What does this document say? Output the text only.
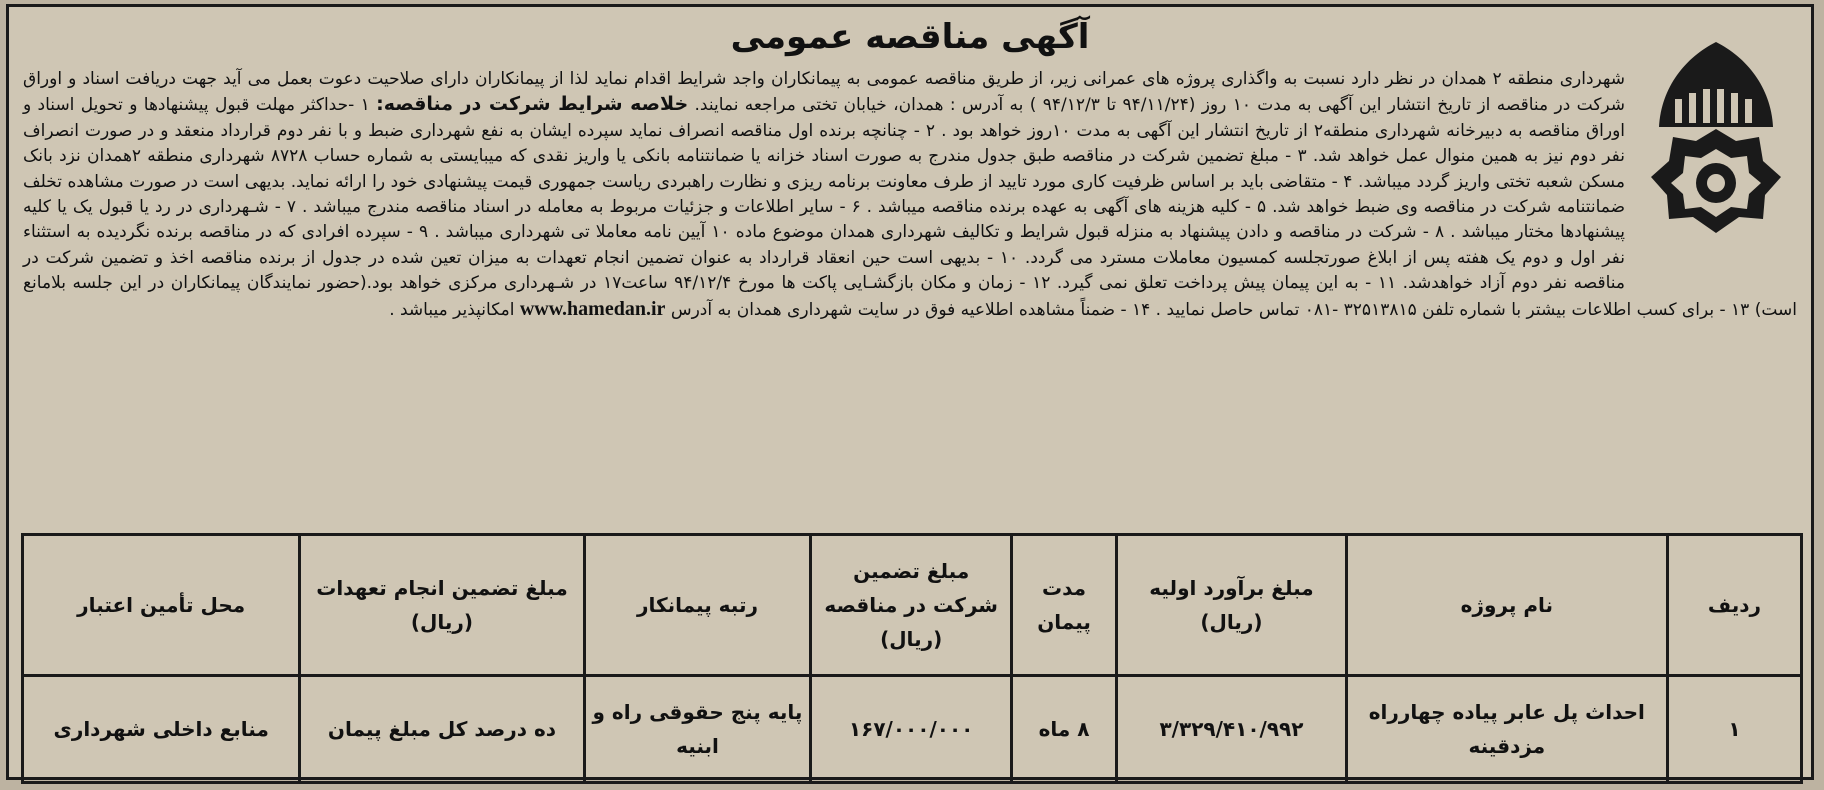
آگهی مناقصه عمومی
شهرداری منطقه ۲ همدان در نظر دارد نسبت به واگذاری پروژه های عمرانی زیر، از طریق مناقصه عمومی به پیمانکاران واجد شرایط اقدام نماید لذا از پیمانکاران دارای صلاحیت دعوت بعمل می آید جهت دریافت اسناد و اوراق شرکت در مناقصه از تاریخ انتشار این آگهی به مدت ۱۰ روز (۹۴/۱۱/۲۴ تا ۹۴/۱۲/۳ ) به آدرس : همدان، خیابان تختی مراجعه نمایند. خلاصه شرایط شرکت در مناقصه: ۱ -حداکثر مهلت قبول پیشنهادها و تحویل اسناد و اوراق مناقصه به دبیرخانه شهرداری منطقه۲ از تاریخ انتشار این آگهی به مدت ۱۰روز خواهد بود . ۲ - چنانچه برنده اول مناقصه انصراف نماید سپرده ایشان به نفع شهرداری ضبط و با نفر دوم قرارداد منعقد و در صورت انصراف نفر دوم نیز به همین منوال عمل خواهد شد. ۳ - مبلغ تضمین شرکت در مناقصه طبق جدول مندرج به صورت اسناد خزانه یا ضمانتنامه بانکی یا واریز نقدی که میبایستی به شماره حساب ۸۷۲۸ شهرداری منطقه ۲همدان نزد بانک مسکن شعبه تختی واریز گردد میباشد. ۴ - متقاضی باید بر اساس ظرفیت کاری مورد تایید از طرف معاونت برنامه ریزی و نظارت راهبردی ریاست جمهوری قیمت پیشنهادی خود را ارائه نماید. بدیهی است در صورت مشاهده تخلف ضمانتنامه شرکت در مناقصه وی ضبط خواهد شد. ۵ - کلیه هزینه های آگهی به عهده برنده مناقصه میباشد . ۶ - سایر اطلاعات و جزئیات مربوط به معامله در اسناد مناقصه مندرج میباشد . ۷ - شـهرداری در رد یا قبول یک یا کلیه پیشنهادها مختار میباشد . ۸ - شرکت در مناقصه و دادن پیشنهاد به منزله قبول شرایط و تکالیف شهرداری همدان موضوع ماده ۱۰ آیین نامه معاملا تی شهرداری میباشد . ۹ - سپرده افرادی که در مناقصه برنده نگردیده به استثناء نفر اول و دوم یک هفته پس از ابلاغ صورتجلسه کمسیون معاملات مسترد می گردد. ۱۰ - بدیهی است حین انعقاد قرارداد به عنوان تضمین انجام تعهدات به میزان تعین شده در جدول از برنده مناقصه اخذ و تضمین شرکت در مناقصه نفر دوم آزاد خواهدشد. ۱۱ - به این پیمان پیش پرداخت تعلق نمی گیرد. ۱۲ - زمان و مکان بازگشـایی پاکت ها مورخ ۹۴/۱۲/۴ ساعت۱۷ در شـهرداری مرکزی خواهد بود.(حضور نمایندگان پیمانکاران در این جلسه بلامانع است) ۱۳ - برای کسب اطلاعات بیشتر با شماره تلفن ۳۲۵۱۳۸۱۵ -۰۸۱ تماس حاصل نمایید . ۱۴ - ضمناً مشاهده اطلاعیه فوق در سایت شهرداری همدان به آدرس www.hamedan.ir امکانپذیر میباشد .
ردیف	نام پروژه	مبلغ برآورد اولیه (ریال)	مدت پیمان	مبلغ تضمین شرکت در مناقصه (ریال)	رتبه پیمانکار	مبلغ تضمین انجام تعهدات (ریال)	محل تأمین اعتبار
۱	احداث پل عابر پیاده چهارراه مزدقینه	۳/۳۲۹/۴۱۰/۹۹۲	۸ ماه	۱۶۷/۰۰۰/۰۰۰	پایه پنج حقوقی راه و ابنیه	ده درصد کل مبلغ پیمان	منابع داخلی شهرداری
